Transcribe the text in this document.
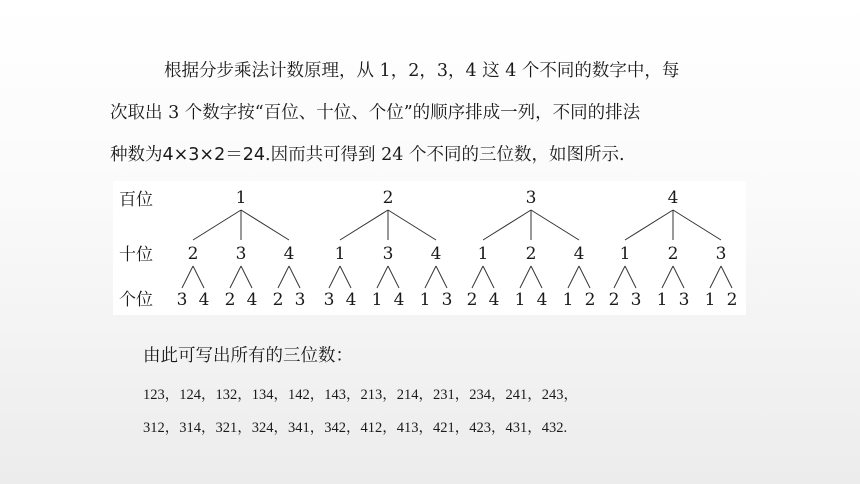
根据分步乘法计数原理，从 1，2，3，4 这 4 个不同的数字中，每
次取出 3 个数字按“百位、十位、个位”的顺序排成一列，不同的排法
种数为4×3×2＝24.因而共可得到 24 个不同的三位数，如图所示.
百位
十位
个位
1
2
3 4
3
2 4
4
2 3
2
1
3 4
3
1 4
4
1 3
3
1
2 4
2
1 4
4
1 2
4
1
2 3
2
1 3
3
1 2
由此可写出所有的三位数：
123，124，132，134，142，143，213，214，231，234，241，243，
312，314，321，324，341，342，412，413，421，423，431，432.
